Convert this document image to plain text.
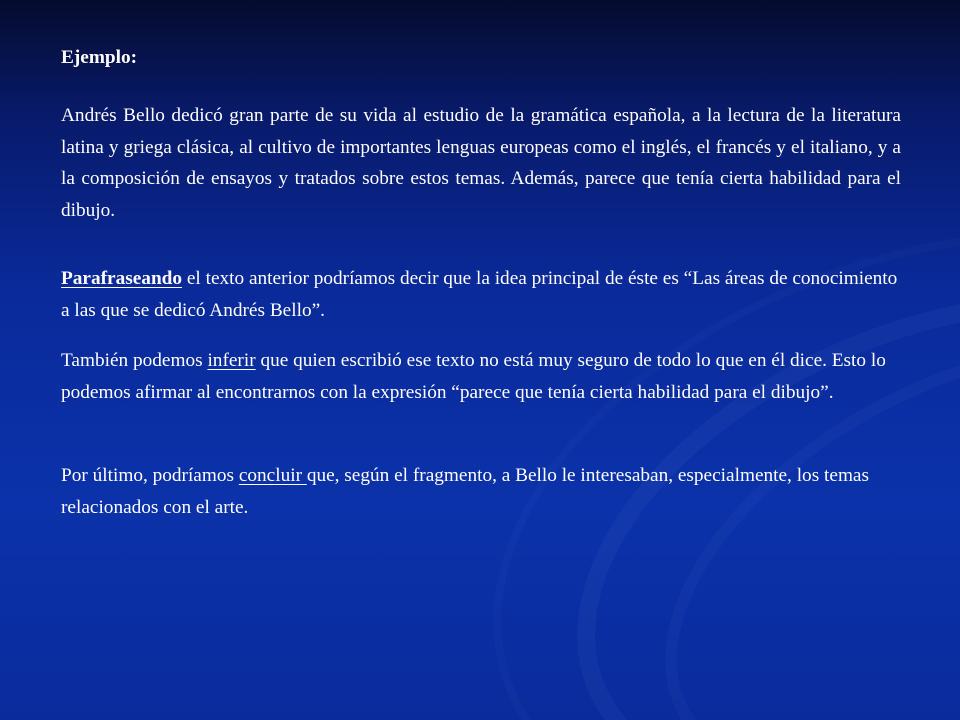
Ejemplo:
Andrés Bello dedicó gran parte de su vida al estudio de la gramática española, a la lectura de la literatura latina y griega clásica, al cultivo de importantes lenguas europeas como el inglés, el francés y el italiano, y a la composición de ensayos y tratados sobre estos temas. Además, parece que tenía cierta habilidad para el dibujo.
Parafraseando el texto anterior podríamos decir que la idea principal de éste es “Las áreas de conocimiento a las que se dedicó Andrés Bello”.
También podemos inferir que quien escribió ese texto no está muy seguro de todo lo que en él dice. Esto lo podemos afirmar al encontrarnos con la expresión “parece que tenía cierta habilidad para el dibujo”.
Por último, podríamos concluir que, según el fragmento, a Bello le interesaban, especialmente, los temas relacionados con el arte.
